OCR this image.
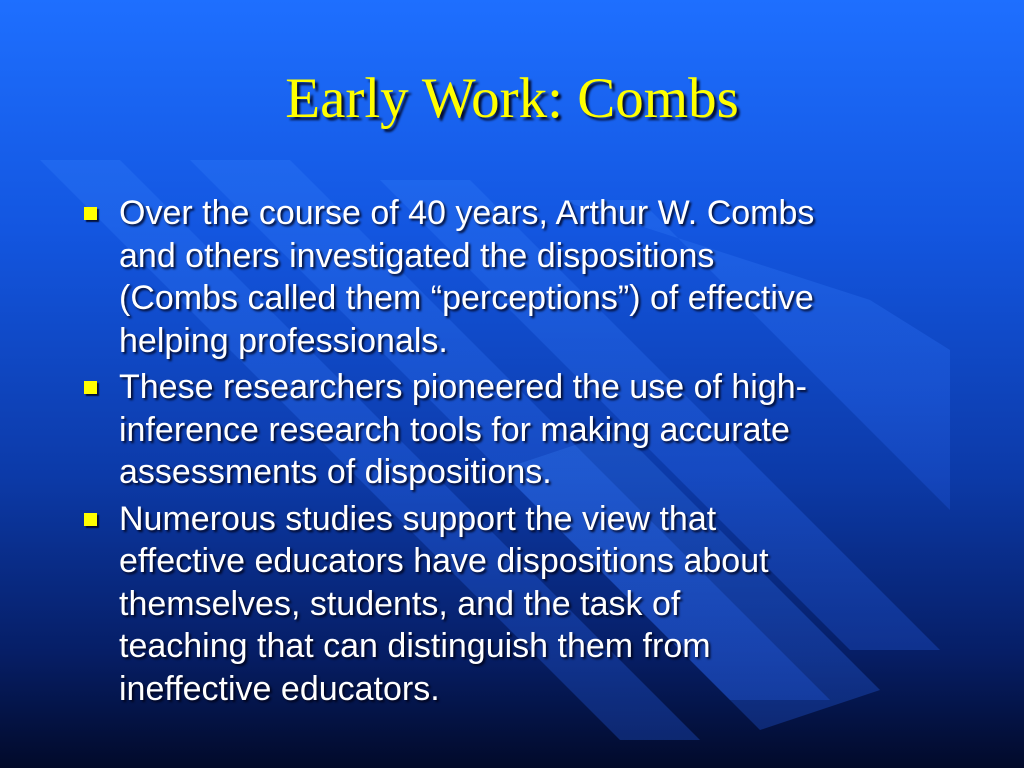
Early Work: Combs
Over the course of 40 years, Arthur W. Combs
and others investigated the dispositions
(Combs called them “perceptions”) of effective
helping professionals.
These researchers pioneered the use of high-
inference research tools for making accurate
assessments of dispositions.
Numerous studies support the view that
effective educators have dispositions about
themselves, students, and the task of
teaching that can distinguish them from
ineffective educators.
